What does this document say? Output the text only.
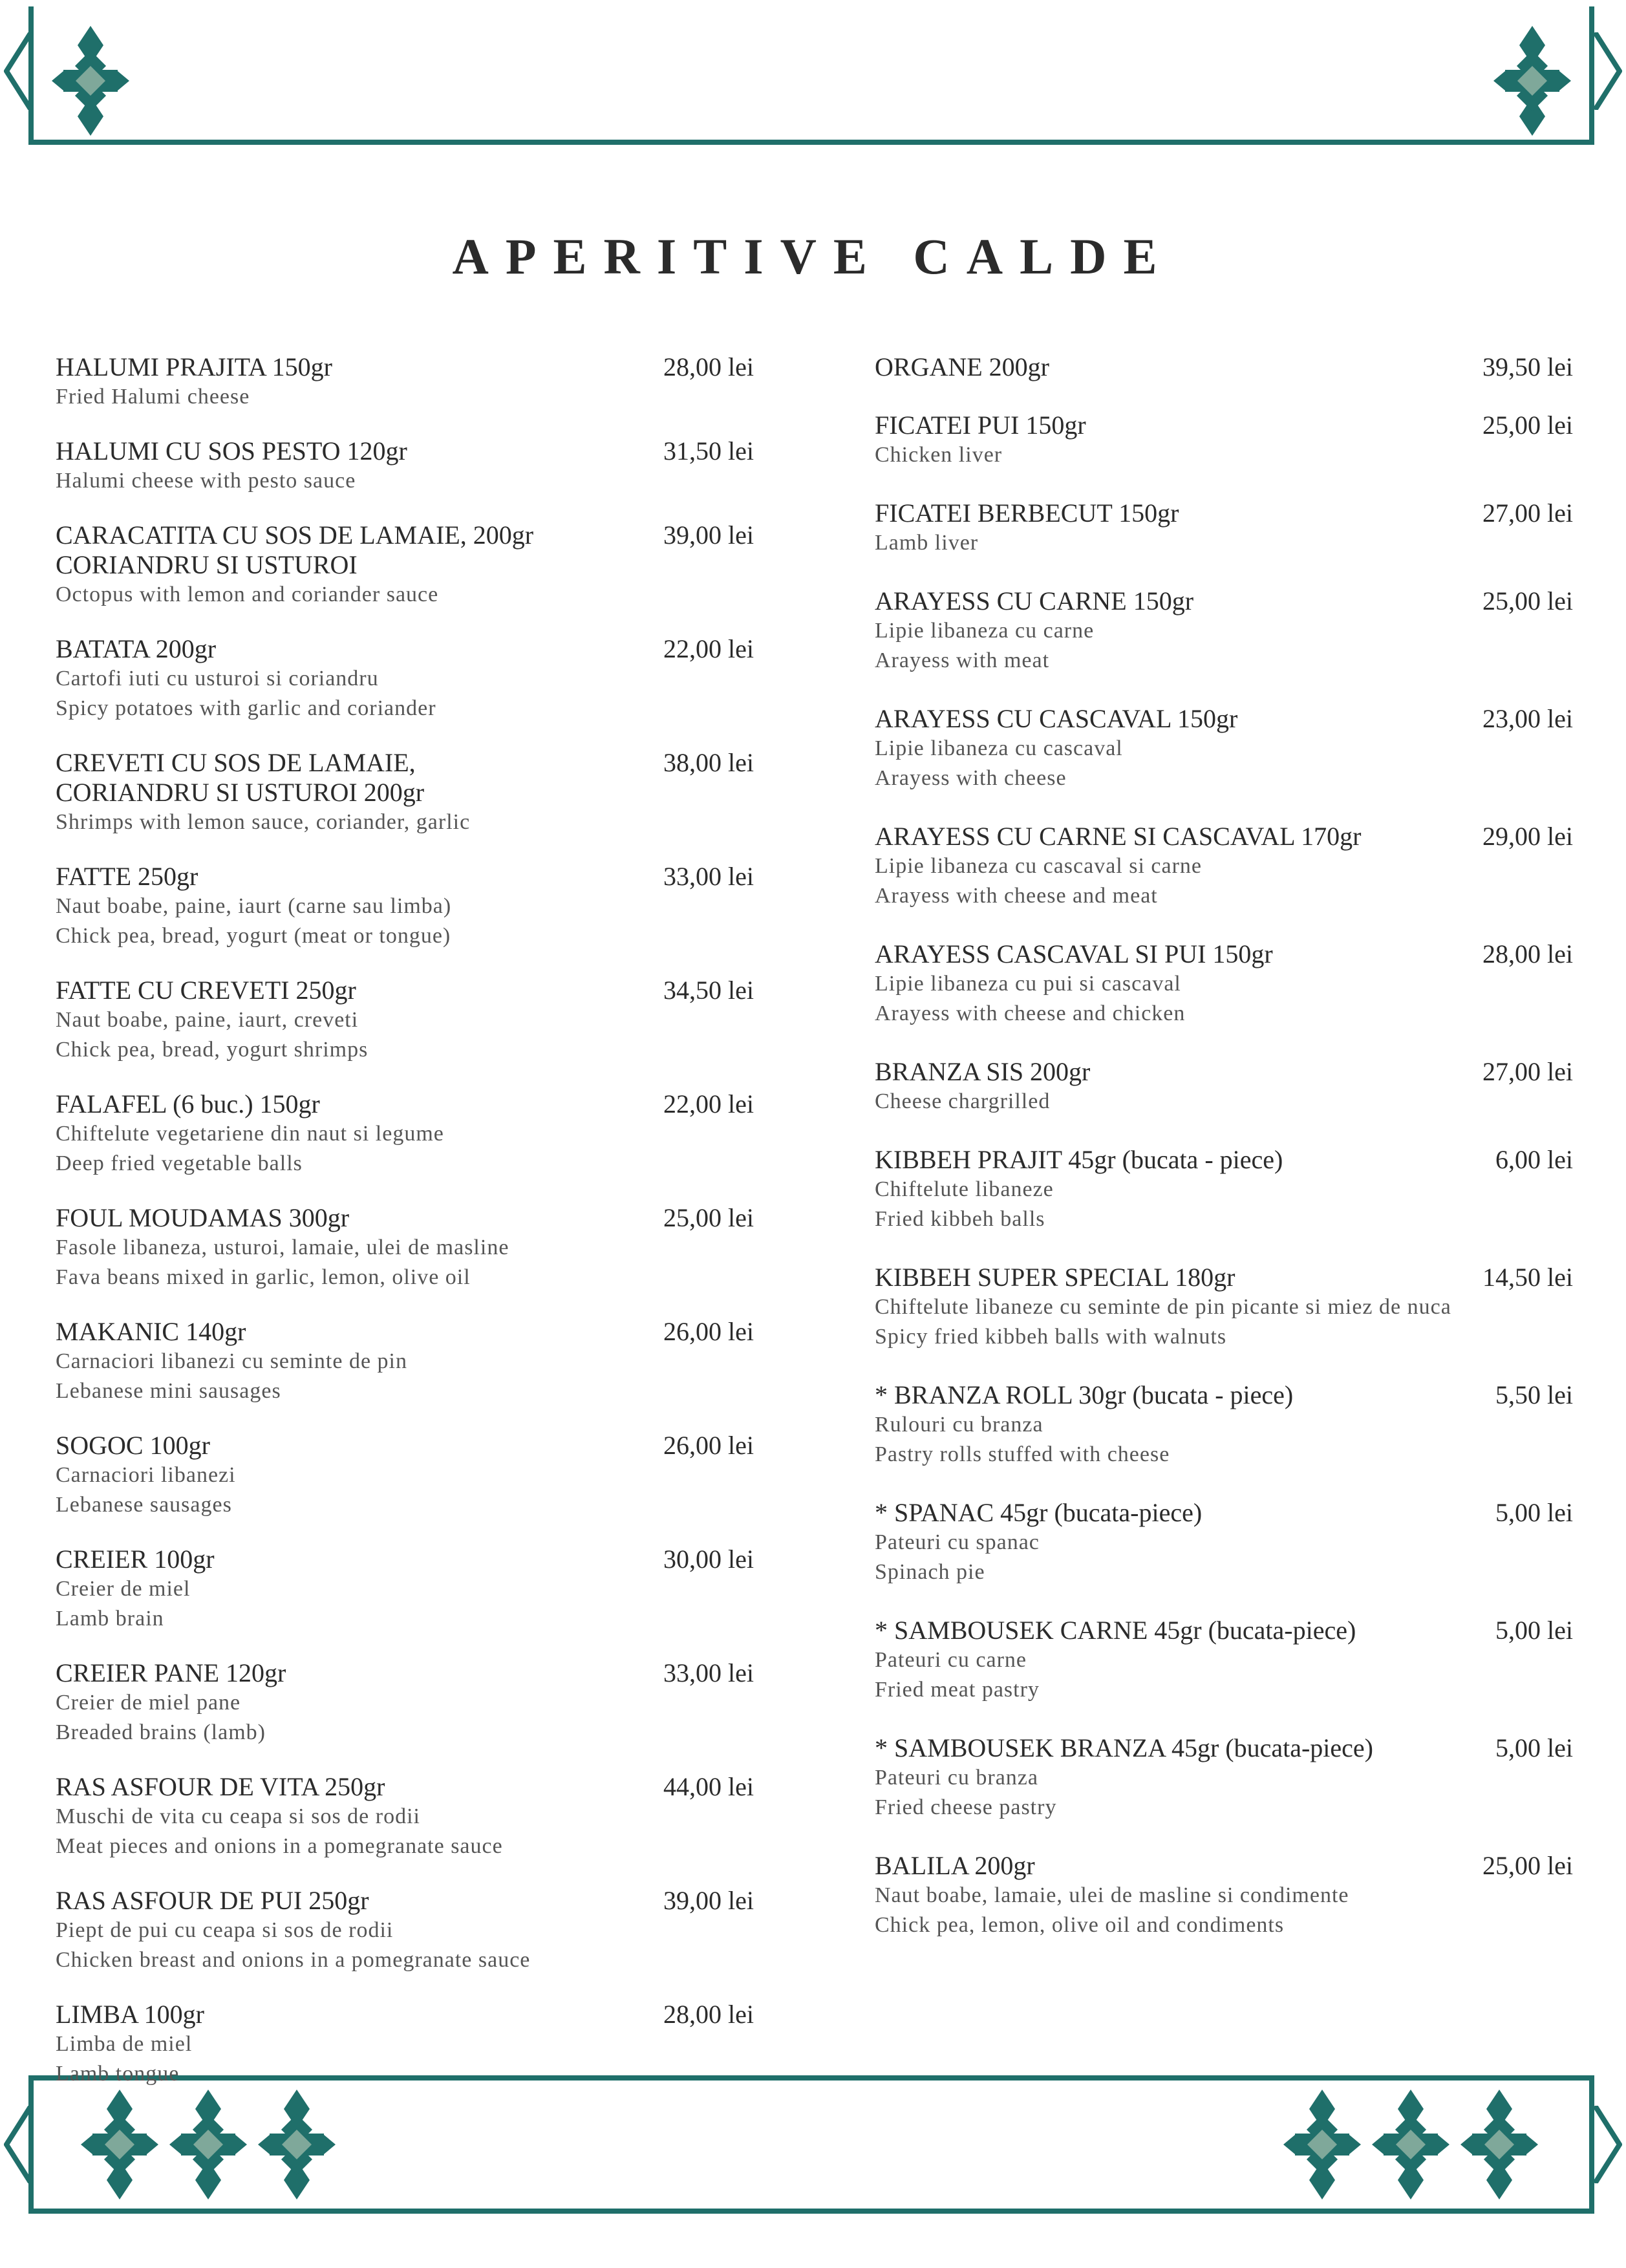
APERITIVE CALDE
HALUMI PRAJITA 150gr	28,00 lei
Fried Halumi cheese
HALUMI CU SOS PESTO 120gr	31,50 lei
Halumi cheese with pesto sauce
CARACATITA CU SOS DE LAMAIE, 200gr	39,00 lei
CORIANDRU SI USTUROI
Octopus with lemon and coriander sauce
BATATA 200gr	22,00 lei
Cartofi iuti cu usturoi si coriandru
Spicy potatoes with garlic and coriander
CREVETI CU SOS DE LAMAIE,	38,00 lei
CORIANDRU SI USTUROI 200gr
Shrimps with lemon sauce, coriander, garlic
FATTE 250gr	33,00 lei
Naut boabe, paine, iaurt (carne sau limba)
Chick pea, bread, yogurt (meat or tongue)
FATTE CU CREVETI 250gr	34,50 lei
Naut boabe, paine, iaurt, creveti
Chick pea, bread, yogurt shrimps
FALAFEL (6 buc.) 150gr	22,00 lei
Chiftelute vegetariene din naut si legume
Deep fried vegetable balls
FOUL MOUDAMAS 300gr	25,00 lei
Fasole libaneza, usturoi, lamaie, ulei de masline
Fava beans mixed in garlic, lemon, olive oil
MAKANIC 140gr	26,00 lei
Carnaciori libanezi cu seminte de pin
Lebanese mini sausages
SOGOC 100gr	26,00 lei
Carnaciori libanezi
Lebanese sausages
CREIER 100gr	30,00 lei
Creier de miel
Lamb brain
CREIER PANE 120gr	33,00 lei
Creier de miel pane
Breaded brains (lamb)
RAS ASFOUR DE VITA 250gr	44,00 lei
Muschi de vita cu ceapa si sos de rodii
Meat pieces and onions in a pomegranate sauce
RAS ASFOUR DE PUI 250gr	39,00 lei
Piept de pui cu ceapa si sos de rodii
Chicken breast and onions in a pomegranate sauce
LIMBA 100gr	28,00 lei
Limba de miel
Lamb tongue
ORGANE 200gr	39,50 lei
FICATEI PUI 150gr	25,00 lei
Chicken liver
FICATEI BERBECUT 150gr	27,00 lei
Lamb liver
ARAYESS CU CARNE 150gr	25,00 lei
Lipie libaneza cu carne
Arayess with meat
ARAYESS CU CASCAVAL 150gr	23,00 lei
Lipie libaneza cu cascaval
Arayess with cheese
ARAYESS CU CARNE SI CASCAVAL 170gr	29,00 lei
Lipie libaneza cu cascaval si carne
Arayess with cheese and meat
ARAYESS CASCAVAL SI PUI 150gr	28,00 lei
Lipie libaneza cu pui si cascaval
Arayess with cheese and chicken
BRANZA SIS 200gr	27,00 lei
Cheese chargrilled
KIBBEH PRAJIT 45gr (bucata - piece)	6,00 lei
Chiftelute libaneze
Fried kibbeh balls
KIBBEH SUPER SPECIAL 180gr	14,50 lei
Chiftelute libaneze cu seminte de pin picante si miez de nuca
Spicy fried kibbeh balls with walnuts
* BRANZA ROLL 30gr (bucata - piece)	5,50 lei
Rulouri cu branza
Pastry rolls stuffed with cheese
* SPANAC 45gr (bucata-piece)	5,00 lei
Pateuri cu spanac
Spinach pie
* SAMBOUSEK CARNE 45gr (bucata-piece)	5,00 lei
Pateuri cu carne
Fried meat pastry
* SAMBOUSEK BRANZA 45gr (bucata-piece)	5,00 lei
Pateuri cu branza
Fried cheese pastry
BALILA 200gr	25,00 lei
Naut boabe, lamaie, ulei de masline si condimente
Chick pea, lemon, olive oil and condiments
